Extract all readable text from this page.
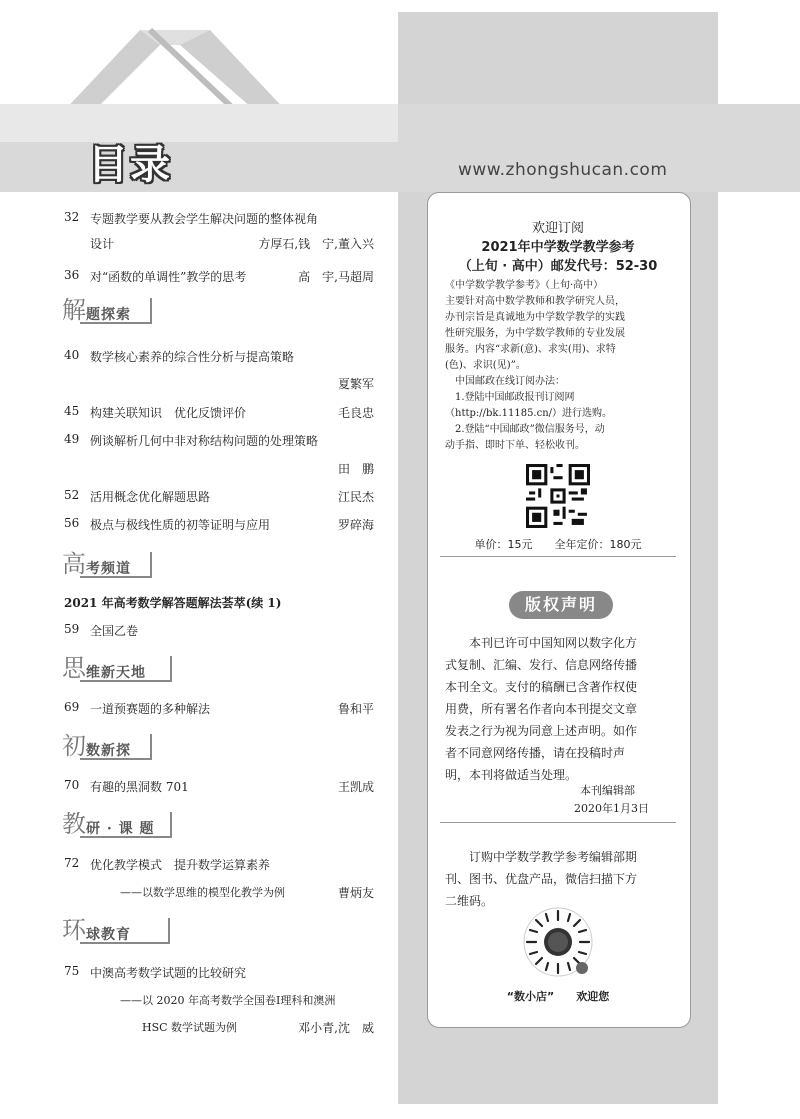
目录	www.zhongshucan.com
32 专题教学要从教会学生解决问题的整体视角
设计	方厚石,钱　宁,董入兴
36 对“函数的单调性”教学的思考	高　宇,马超周
解 题探索
40 数学核心素养的综合性分析与提高策略
夏繁军
45 构建关联知识　优化反馈评价	毛良忠
49 例谈解析几何中非对称结构问题的处理策略
田　鹏
52 活用概念优化解题思路	江民杰
56 极点与极线性质的初等证明与应用	罗碎海
高 考频道
2021 年高考数学解答题解法荟萃(续 1)
59 全国乙卷
思 维新天地
69 一道预赛题的多种解法	鲁和平
初 数新探
70 有趣的黑洞数 701	王凯成
教 研 · 课 题
72 优化教学模式　提升数学运算素养
——以数学思维的模型化教学为例	曹炳友
环 球教育
75 中澳高考数学试题的比较研究
——以 2020 年高考数学全国卷Ⅰ理科和澳洲
HSC 数学试题为例	邓小青,沈　威
欢迎订阅
2021年中学数学教学参考
（上旬 · 高中）邮发代号：52-30
《中学数学教学参考》（上旬·高中）
主要针对高中数学教师和教学研究人员，
办刊宗旨是真诚地为中学数学教学的实践
性研究服务，为中学数学教师的专业发展
服务。内容“求新(意)、求实(用)、求特
(色)、求识(见)”。
　中国邮政在线订阅办法：
　1.登陆中国邮政报刊订阅网
（http://bk.11185.cn/）进行选购。
　2.登陆“中国邮政”微信服务号，动
动手指、即时下单、轻松收刊。
单价：15元　　全年定价：180元
版权声明
　　本刊已许可中国知网以数字化方
式复制、汇编、发行、信息网络传播
本刊全文。支付的稿酬已含著作权使
用费，所有署名作者向本刊提交文章
发表之行为视为同意上述声明。如作
者不同意网络传播，请在投稿时声
明，本刊将做适当处理。
本刊编辑部
2020年1月3日
　　订购中学数学教学参考编辑部期
刊、图书、优盘产品，微信扫描下方
二维码。
“数小店”　　欢迎您
